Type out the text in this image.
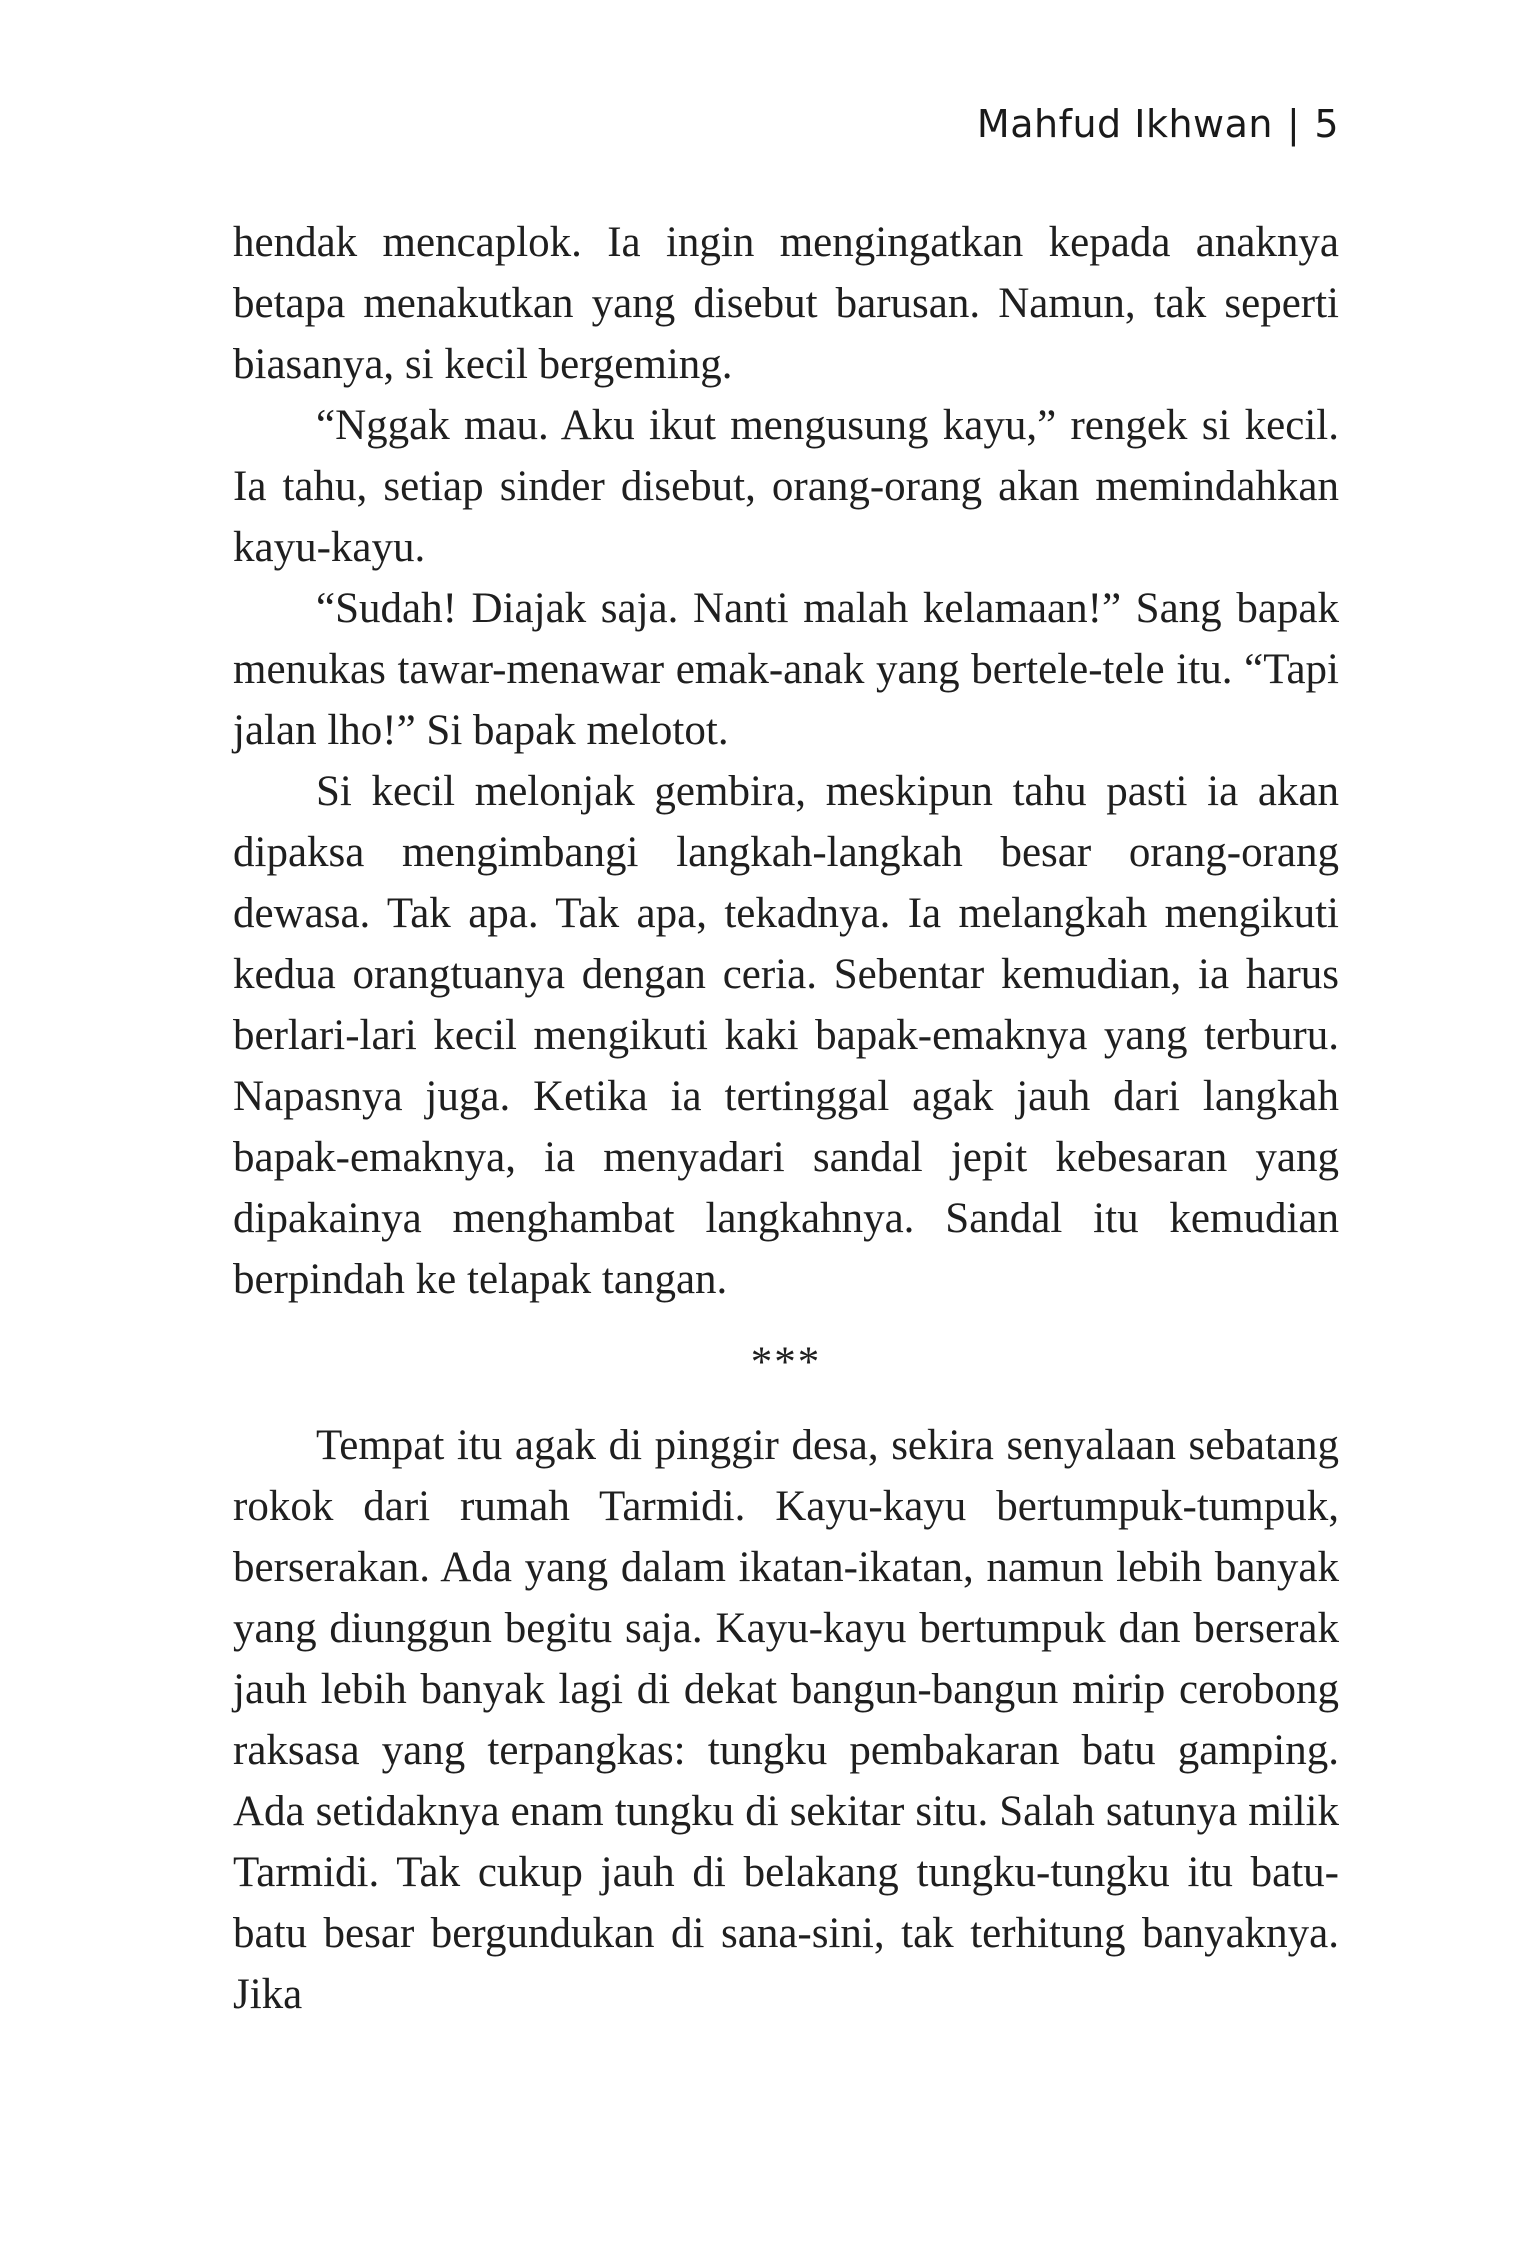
Mahfud Ikhwan | 5

hendak mencaplok. Ia ingin mengingatkan kepada anaknya betapa menakutkan yang disebut barusan. Namun, tak seperti biasanya, si kecil bergeming.

“Nggak mau. Aku ikut mengusung kayu,” rengek si kecil. Ia tahu, setiap sinder disebut, orang-orang akan memindahkan kayu-kayu.

“Sudah! Diajak saja. Nanti malah kelamaan!” Sang bapak menukas tawar-menawar emak-anak yang bertele-tele itu. “Tapi jalan lho!” Si bapak melotot.

Si kecil melonjak gembira, meskipun tahu pasti ia akan dipaksa mengimbangi langkah-langkah besar orang-orang dewasa. Tak apa. Tak apa, tekadnya. Ia melangkah mengikuti kedua orangtuanya dengan ceria. Sebentar kemudian, ia harus berlari-lari kecil mengikuti kaki bapak-emaknya yang terburu. Napasnya juga. Ketika ia tertinggal agak jauh dari langkah bapak-emaknya, ia menyadari sandal jepit kebesaran yang dipakainya menghambat langkahnya. Sandal itu kemudian berpindah ke telapak tangan.

***

Tempat itu agak di pinggir desa, sekira senyalaan sebatang rokok dari rumah Tarmidi. Kayu-kayu bertumpuk-tumpuk, berserakan. Ada yang dalam ikatan-ikatan, namun lebih banyak yang diunggun begitu saja. Kayu-kayu bertumpuk dan berserak jauh lebih banyak lagi di dekat bangun-bangun mirip cerobong raksasa yang terpangkas: tungku pembakaran batu gamping. Ada setidaknya enam tungku di sekitar situ. Salah satunya milik Tarmidi. Tak cukup jauh di belakang tungku-tungku itu batu-batu besar bergundukan di sana-sini, tak terhitung banyaknya. Jika
